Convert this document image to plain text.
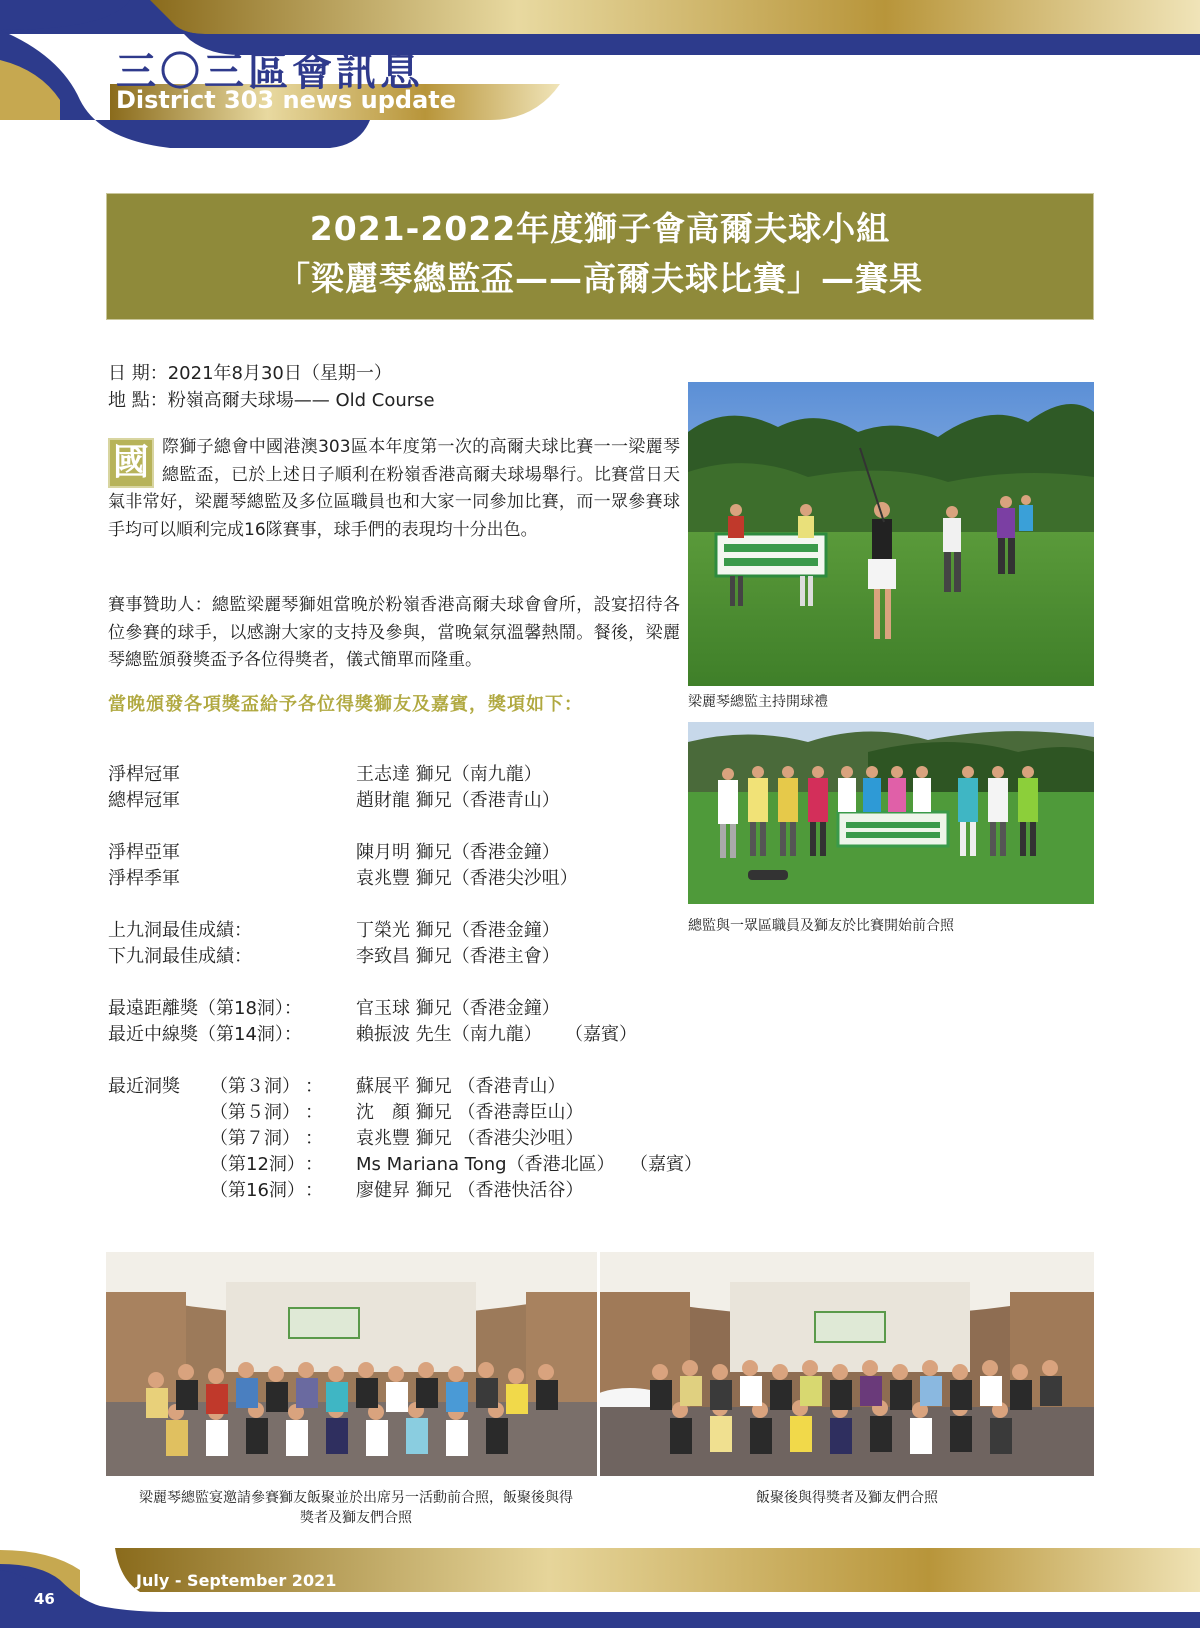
三〇三區會訊息
District 303 news update
2021-2022年度獅子會高爾夫球小組
「梁麗琴總監盃——高爾夫球比賽」—賽果
日 期：2021年8月30日（星期一）
地 點：粉嶺高爾夫球場—— Old Course
國 際獅子總會中國港澳303區本年度第一次的高爾夫球比賽一一梁麗琴總監盃，已於上述日子順利在粉嶺香港高爾夫球場舉行。比賽當日天氣非常好，梁麗琴總監及多位區職員也和大家一同參加比賽，而一眾參賽球手均可以順利完成16隊賽事，球手們的表現均十分出色。
賽事贊助人：總監梁麗琴獅姐當晚於粉嶺香港高爾夫球會會所，設宴招待各位參賽的球手，以感謝大家的支持及參與，當晚氣氛溫馨熱鬧。餐後，梁麗琴總監頒發獎盃予各位得獎者，儀式簡單而隆重。
當晚頒發各項獎盃給予各位得獎獅友及嘉賓，獎項如下：
淨桿冠軍	王志達 獅兄（南九龍）
總桿冠軍	趙財龍 獅兄（香港青山）
淨桿亞軍	陳月明 獅兄（香港金鐘）
淨桿季軍	袁兆豐 獅兄（香港尖沙咀）
上九洞最佳成績：	丁榮光 獅兄（香港金鐘）
下九洞最佳成績：	李致昌 獅兄（香港主會）
最遠距離獎（第18洞）：	官玉球 獅兄（香港金鐘）
最近中線獎（第14洞）：	賴振波 先生（南九龍） （嘉賓）
最近洞獎 （第３洞） ： 蘇展平 獅兄 （香港青山）
（第５洞） ： 沈　顏 獅兄 （香港壽臣山）
（第７洞） ： 袁兆豐 獅兄 （香港尖沙咀）
（第12洞） ： Ms Mariana Tong（香港北區） （嘉賓）
（第16洞） ： 廖健昇 獅兄 （香港快活谷）
梁麗琴總監主持開球禮
總監與一眾區職員及獅友於比賽開始前合照
梁麗琴總監宴邀請參賽獅友飯聚並於出席另一活動前合照，飯聚後與得獎者及獅友們合照
飯聚後與得獎者及獅友們合照
July - September 2021
46
